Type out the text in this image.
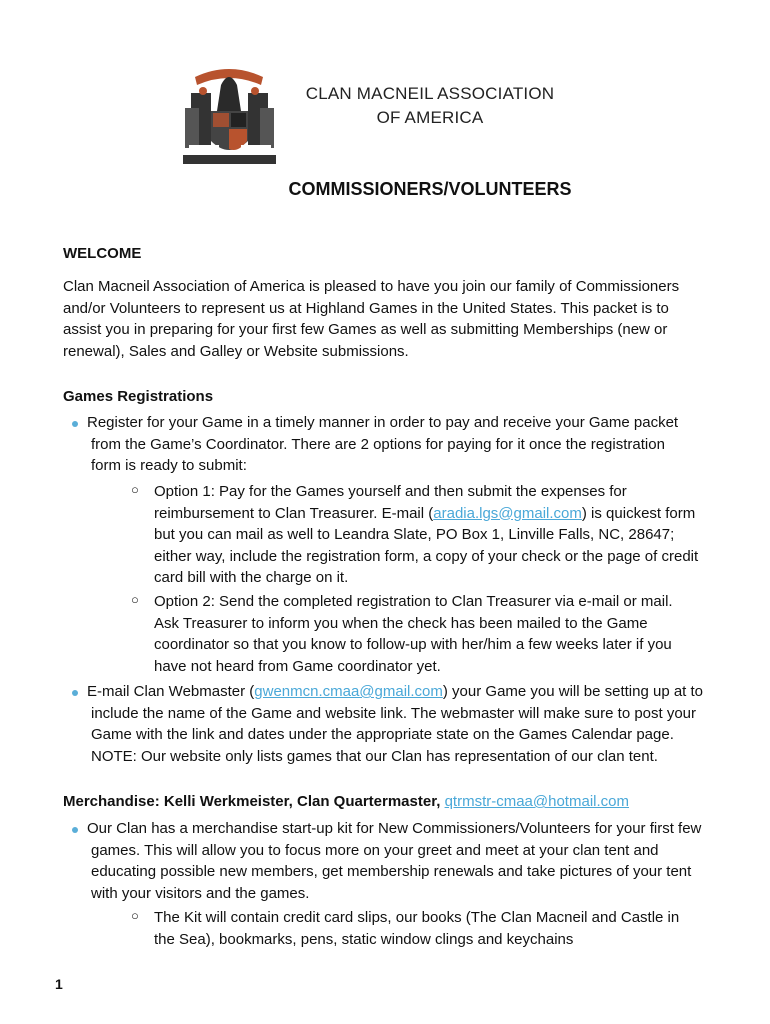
CLAN MACNEIL ASSOCIATION
OF AMERICA
COMMISSIONERS/VOLUNTEERS
WELCOME
Clan Macneil Association of America is pleased to have you join our family of Commissioners
and/or Volunteers to represent us at Highland Games in the United States. This packet is to
assist you in preparing for your first few Games as well as submitting Memberships (new or
renewal), Sales and Galley or Website submissions.
Games Registrations
Register for your Game in a timely manner in order to pay and receive your Game packet
from the Game’s Coordinator. There are 2 options for paying for it once the registration
form is ready to submit:
○ Option 1: Pay for the Games yourself and then submit the expenses for
reimbursement to Clan Treasurer. E-mail (aradia.lgs@gmail.com) is quickest form
but you can mail as well to Leandra Slate, PO Box 1, Linville Falls, NC, 28647;
either way, include the registration form, a copy of your check or the page of credit
card bill with the charge on it.
○ Option 2: Send the completed registration to Clan Treasurer via e-mail or mail.
Ask Treasurer to inform you when the check has been mailed to the Game
coordinator so that you know to follow-up with her/him a few weeks later if you
have not heard from Game coordinator yet.
E-mail Clan Webmaster (gwenmcn.cmaa@gmail.com) your Game you will be setting up at to
include the name of the Game and website link. The webmaster will make sure to post your
Game with the link and dates under the appropriate state on the Games Calendar page.
NOTE: Our website only lists games that our Clan has representation of our clan tent.
Merchandise: Kelli Werkmeister, Clan Quartermaster, qtrmstr-cmaa@hotmail.com
Our Clan has a merchandise start-up kit for New Commissioners/Volunteers for your first few
games. This will allow you to focus more on your greet and meet at your clan tent and
educating possible new members, get membership renewals and take pictures of your tent
with your visitors and the games.
○ The Kit will contain credit card slips, our books (The Clan Macneil and Castle in
the Sea), bookmarks, pens, static window clings and keychains
1
